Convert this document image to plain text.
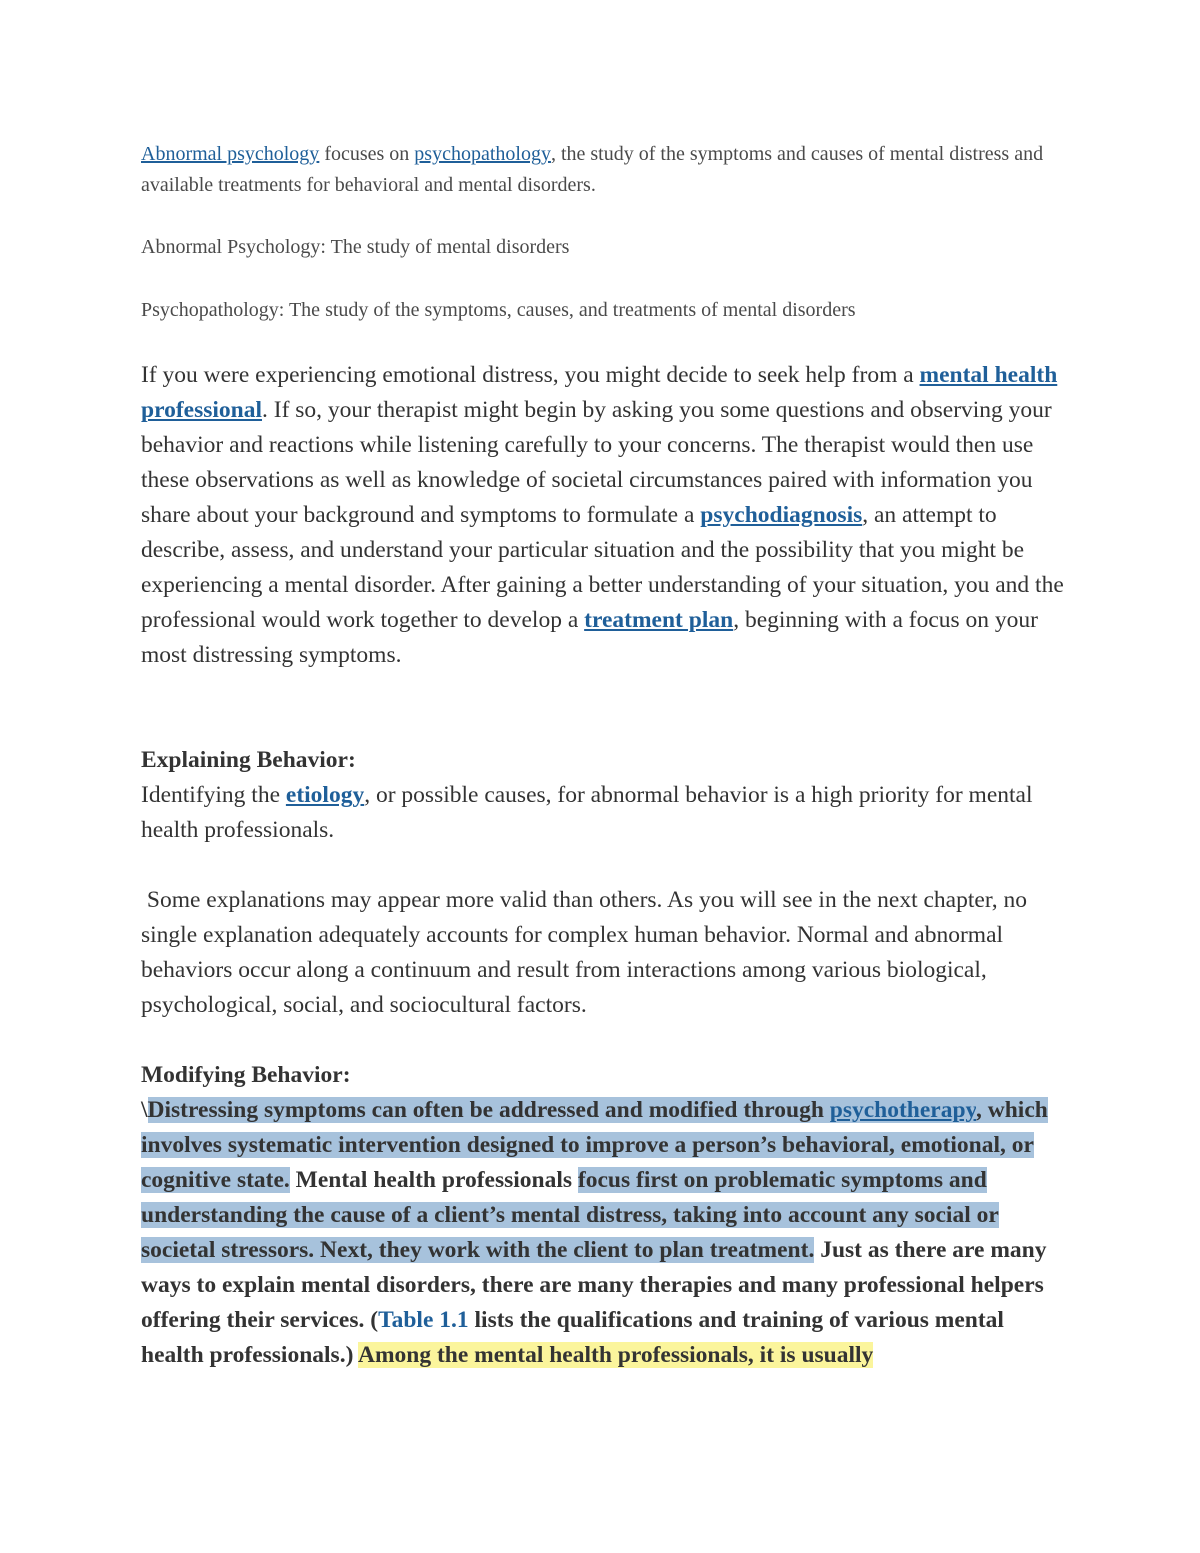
Abnormal psychology focuses on psychopathology, the study of the symptoms and causes of mental distress and available treatments for behavioral and mental disorders.

Abnormal Psychology: The study of mental disorders

Psychopathology: The study of the symptoms, causes, and treatments of mental disorders

If you were experiencing emotional distress, you might decide to seek help from a mental health professional. If so, your therapist might begin by asking you some questions and observing your behavior and reactions while listening carefully to your concerns. The therapist would then use these observations as well as knowledge of societal circumstances paired with information you share about your background and symptoms to formulate a psychodiagnosis, an attempt to describe, assess, and understand your particular situation and the possibility that you might be experiencing a mental disorder. After gaining a better understanding of your situation, you and the professional would work together to develop a treatment plan, beginning with a focus on your most distressing symptoms.

Explaining Behavior:
Identifying the etiology, or possible causes, for abnormal behavior is a high priority for mental health professionals.

Some explanations may appear more valid than others. As you will see in the next chapter, no single explanation adequately accounts for complex human behavior. Normal and abnormal behaviors occur along a continuum and result from interactions among various biological, psychological, social, and sociocultural factors.

Modifying Behavior:
\Distressing symptoms can often be addressed and modified through psychotherapy, which involves systematic intervention designed to improve a person’s behavioral, emotional, or cognitive state. Mental health professionals focus first on problematic symptoms and understanding the cause of a client’s mental distress, taking into account any social or societal stressors. Next, they work with the client to plan treatment. Just as there are many ways to explain mental disorders, there are many therapies and many professional helpers offering their services. (Table 1.1 lists the qualifications and training of various mental health professionals.) Among the mental health professionals, it is usually
